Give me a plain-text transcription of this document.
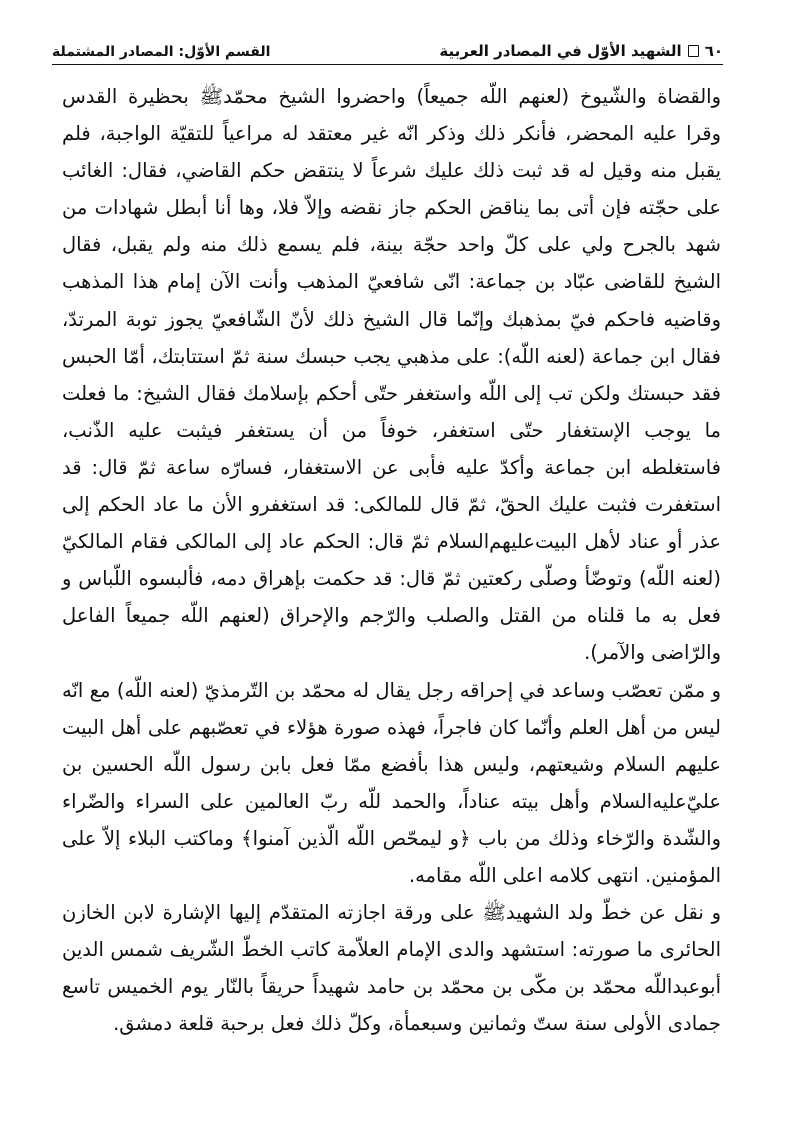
٦٠
الشهيد الأوّل في المصادر العربية
القسم الأوّل: المصادر المشتملة

والقضاة والشّيوخ (لعنهم اللّه جميعاً) واحضروا الشيخ محمّدﷺ بحظيرة القدس وقرا عليه المحضر، فأنكر ذلك وذكر انّه غير معتقد له مراعياً للتقيّة الواجبة، فلم يقبل منه وقيل له قد ثبت ذلك عليك شرعاً لا ينتقض حكم القاضي، فقال: الغائب على حجّته فإن أتى بما يناقض الحكم جاز نقضه وإلاّ فلا، وها أنا أبطل شهادات من شهد بالجرح ولي على كلّ واحد حجّة بينة، فلم يسمع ذلك منه ولم يقبل، فقال الشيخ للقاضى عبّاد بن جماعة: انّى شافعيّ المذهب وأنت الآن إمام هذا المذهب وقاضيه فاحكم فيّ بمذهبك وإنّما قال الشيخ ذلك لأنّ الشّافعيّ يجوز توبة المرتدّ، فقال ابن جماعة (لعنه اللّه): على مذهبي يجب حبسك سنة ثمّ استتابتك، أمّا الحبس فقد حبستك ولكن تب إلى اللّه واستغفر حتّى أحكم بإسلامك فقال الشيخ: ما فعلت ما يوجب الإستغفار حتّى استغفر، خوفاً من أن يستغفر فيثبت عليه الذّنب، فاستغلطه ابن جماعة وأكدّ عليه فأبى عن الاستغفار، فسارّه ساعة ثمّ قال: قد استغفرت فثبت عليك الحقّ، ثمّ قال للمالكى: قد استغفرو الأن ما عاد الحكم إلى عذر أو عناد لأهل البيت‌عليهم‌السلام ثمّ قال: الحكم عاد إلى المالكى فقام المالكيّ (لعنه اللّه) وتوضّأ وصلّى ركعتين ثمّ قال: قد حكمت بإهراق دمه، فألبسوه اللّباس و فعل به ما قلناه من القتل والصلب والرّجم والإحراق (لعنهم اللّه جميعاً الفاعل والرّاضى والآمر).

و ممّن تعصّب وساعد في إحراقه رجل يقال له محمّد بن التّرمذيّ (لعنه اللّه) مع انّه ليس من أهل العلم وأنّما كان فاجراً، فهذه صورة هؤلاء في تعصّبهم على أهل البيت عليهم السلام وشيعتهم، وليس هذا بأفضع ممّا فعل بابن رسول اللّه الحسين بن عليّ‌عليه‌السلام وأهل بيته عناداً، والحمد للّه ربّ العالمين على السراء والضّراء والشّدة والرّخاء وذلك من باب ﴿و ليمحّص اللّه الّذين آمنوا﴾ وماكتب البلاء إلاّ على المؤمنين. انتهى كلامه اعلى اللّه مقامه.

و نقل عن خطّ ولد الشهيدﷺ على ورقة اجازته المتقدّم إليها الإشارة لابن الخازن الحائرى ما صورته: استشهد والدى الإمام العلاّمة كاتب الخطّ الشّريف شمس الدين أبوعبداللّه محمّد بن مكّى بن محمّد بن حامد شهيداً حريقاً بالنّار يوم الخميس تاسع جمادى الأولى سنة ستّ وثمانين وسبعمأة، وكلّ ذلك فعل برحبة قلعة دمشق.
